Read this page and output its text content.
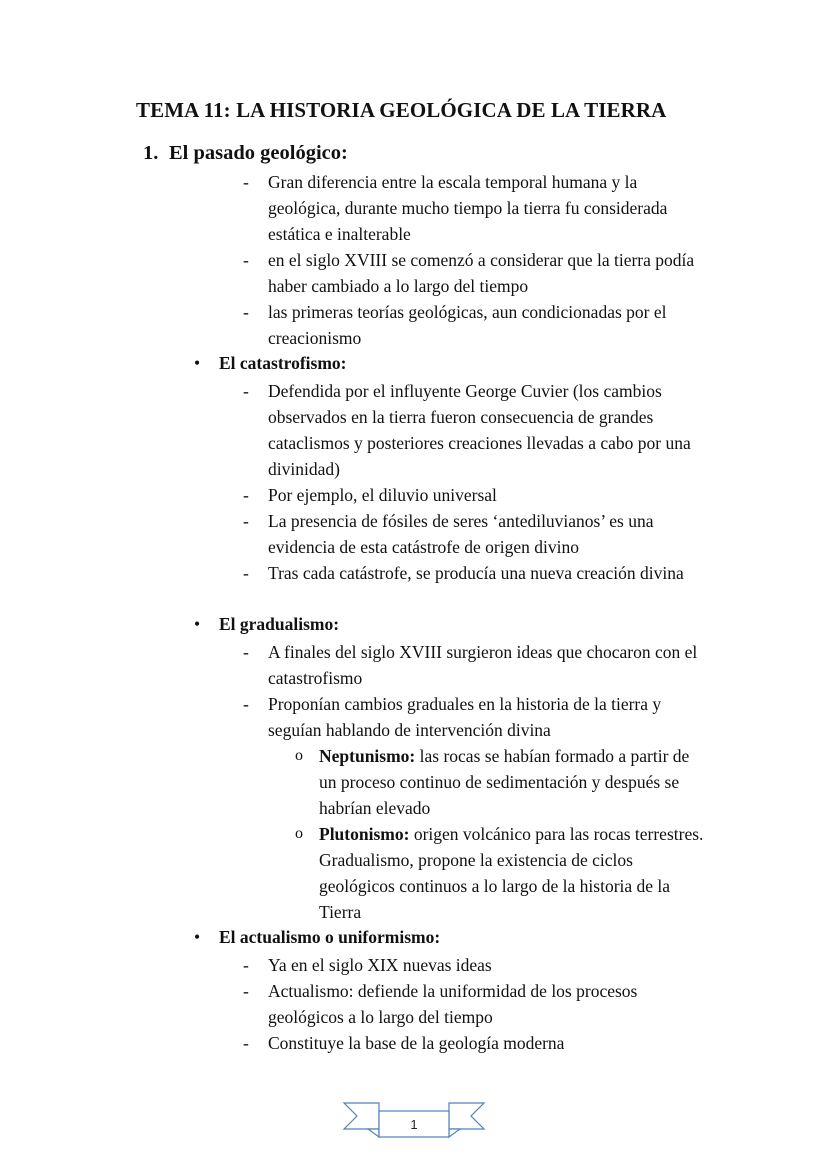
TEMA 11: LA HISTORIA GEOLÓGICA DE LA TIERRA
1. El pasado geológico:
- Gran diferencia entre la escala temporal humana y la geológica, durante mucho tiempo la tierra fu considerada estática e inalterable
- en el siglo XVIII se comenzó a considerar que la tierra podía haber cambiado a lo largo del tiempo
- las primeras teorías geológicas, aun condicionadas por el creacionismo
• El catastrofismo:
- Defendida por el influyente George Cuvier (los cambios observados en la tierra fueron consecuencia de grandes cataclismos y posteriores creaciones llevadas a cabo por una divinidad)
- Por ejemplo, el diluvio universal
- La presencia de fósiles de seres ‘antediluvianos’ es una evidencia de esta catástrofe de origen divino
- Tras cada catástrofe, se producía una nueva creación divina
• El gradualismo:
- A finales del siglo XVIII surgieron ideas que chocaron con el catastrofismo
- Proponían cambios graduales en la historia de la tierra y seguían hablando de intervención divina
o Neptunismo: las rocas se habían formado a partir de un proceso continuo de sedimentación y después se habrían elevado
o Plutonismo: origen volcánico para las rocas terrestres. Gradualismo, propone la existencia de ciclos geológicos continuos a lo largo de la historia de la Tierra
• El actualismo o uniformismo:
- Ya en el siglo XIX nuevas ideas
- Actualismo: defiende la uniformidad de los procesos geológicos a lo largo del tiempo
- Constituye la base de la geología moderna
1
